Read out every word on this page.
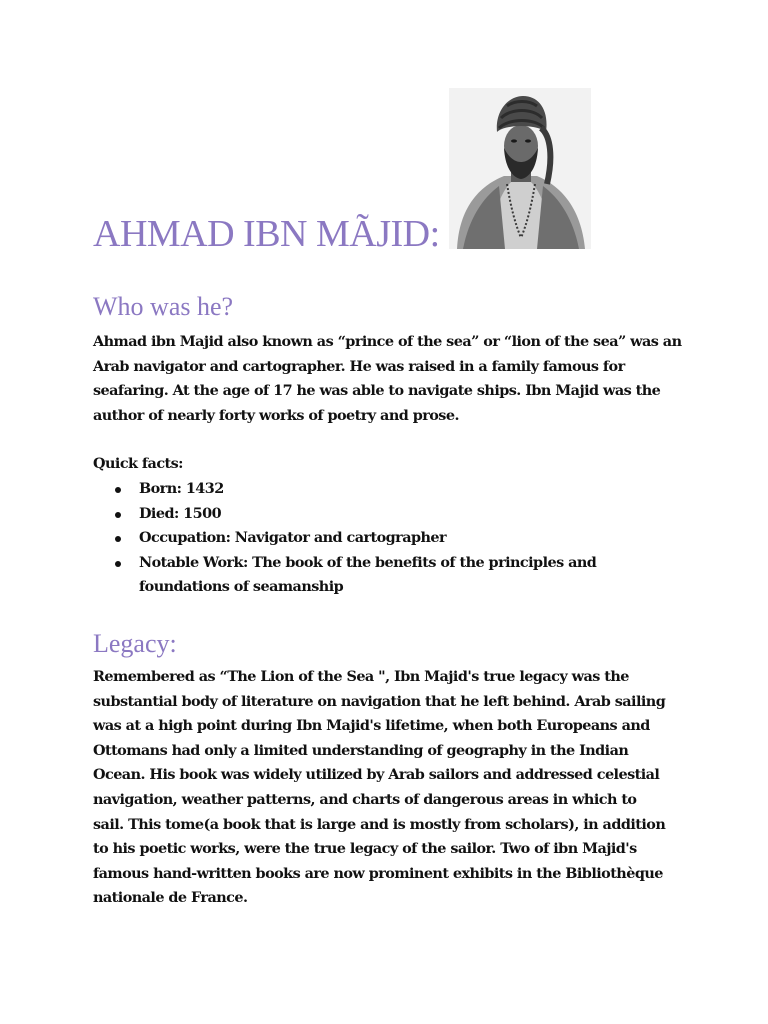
AHMAD IBN MÃJID:
Who was he?

Ahmad ibn Majid also known as “prince of the sea” or “lion of the sea” was an
Arab navigator and cartographer. He was raised in a family famous for
seafaring. At the age of 17 he was able to navigate ships. Ibn Majid was the
author of nearly forty works of poetry and prose.

Quick facts:

Born: 1432
Died: 1500
Occupation: Navigator and cartographer
Notable Work: The book of the benefits of the principles and
foundations of seamanship
Legacy:

Remembered as “The Lion of the Sea ", Ibn Majid's true legacy was the
substantial body of literature on navigation that he left behind. Arab sailing
was at a high point during Ibn Majid's lifetime, when both Europeans and
Ottomans had only a limited understanding of geography in the Indian
Ocean. His book was widely utilized by Arab sailors and addressed celestial
navigation, weather patterns, and charts of dangerous areas in which to
sail. This tome(a book that is large and is mostly from scholars), in addition
to his poetic works, were the true legacy of the sailor. Two of ibn Majid's
famous hand-written books are now prominent exhibits in the Bibliothèque
nationale de France.
